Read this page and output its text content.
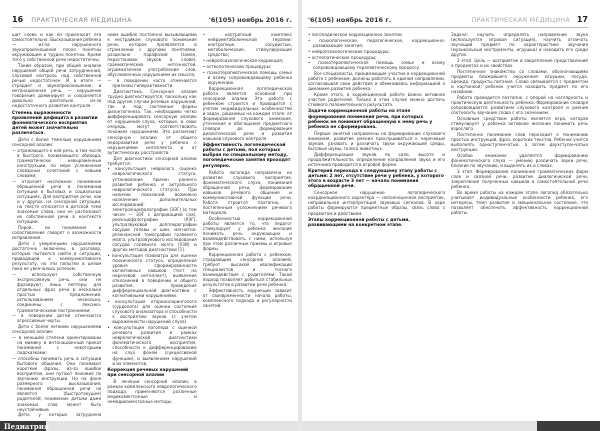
16 ПРАКТИЧЕСКАЯ МЕДИЦИНА	'6(105) ноябрь 2016 г.

шит слово и как он произносит его самостоятельно. Высказывания ребенка — из-за нарушенного звукопроизношения плохо понятны окружающим и трудно понятны. Кроме того у собственной речи недостаточны.

Таким образом, при общей анализе нарушения общей речи затрудненной, слуховой контроль над собственной речью недостаточен. И в итоге — страдает и звукопроизношение, и интонационная речь, — нарушение говорения доминирует и сохраняется довольно длительно из-за недостаточного развития контроля.

Степень выраженности проявлений дефицита в развитии фонематического восприятия детей может значительно различаться.

Дети с более тяжелым нарушением сенсорной алалии:

— отражающего к ней речь, в том числе в быстрого, понимающего обихода, грамматически невыраженные конструкции, по мере усложнения словарных сочетаний с новыми словами;

— отличает несложное понимание обращенной речи в понимании ситуации в бытовых и социальных ситуациях, Для восприятия речи, как и у других, на сенсорной ситуации, на тексте относится в детской теме знакомые слова, они не распознают их собственной речи в контексте ситуации.

Порой, их понимание и сопоставление говорят о возможности исправления.

Дети с умеренными нарушениями достаточно включены в разговор, которые пытаются найти в ситуации, приводящей к коммуникативного результату, но эти попытки в целом пока не увенчались успехом.

— используют собственную экспрессивную речь, они не фразируют, лишь лептеры для отдельных фраз речи в несколько простых предложений, использованием несколько, соединены с лексико-грамматическими построениями;

— в поведении детей отмечаются агрессивные черты.

Дети с более легкими нарушениями сенсорной алалии:

— в меньшей степени ориентированы на мимику и интонационный приказ понимания с некоторыми подсказками;

— способны понимать речь в ситуации бытового общения. Они понимают короткие фразы, из-за ошибок восприятия, они путают похожие по звучанию инструкции. Но на фоне размерного высказывания, понимания обращенной речи не является (быстротекущее) родителей; понимание детьми даже знакомых слов может быть неустойчивым.

Дети, у которых затруднено

нием ошибок постоянно вызывающими к нестрайкам слухового понимания речи, которое проявляется в стремлении с другими понятиями, раздельно парафазий (замен, перестановок звуков в слове), грамматических неточностей, аграмматичное употребление слов, обусловленных нарушением их смысла;

— в поведении часто отмечаются признаки гиперактивности.

Диагностика. Сенсорная алалия трудно диагностируется, поскольку как под другие случаи речевых нарушений, так и под системные формы дизонтогенеза. Так, необходимо четко дифференцировать сенсорную алалию от нарушений слуха, которые, в свою очередь, могут соответствовать похожим нарушениям. Это различают сенсорную алалию от общего недоразвития речи у ребенка с нарушениями интеллекта и от аутистических расстройств.

Для диагностики сенсорной алалии требуется:

• консультация невролога (оценка неврологического статуса, установление причин раннего развития ребенка и актуального неврологического статуса). При наличии показаний возможно назначение дополнительных исследований: электроэнцефалографии (ЭЭГ) (в том числе — ЭЭГ с депривацией сна), реоэнцефалографии (РЭГ), ультразвуковой допплерографии сосудов головы и шеи, магнитно-резонансной томографии головного мозга, ультразвукового исследования сосудов головного мозга (УЗИ) и других методов диагностики [1].

• консультация психиатра для оценки психического статуса, определения уровня сформированности когнитивных навыков (тест на неречевой интеллект), выявления отклонений в поведении и общего развития, проведения дифференциальной диагностики с когнитивными нарушениями.

• консультация оториноларинголога (сурдолога) для оценки состояния слухового анализатора и способности к восприятию звуков (с учетом выраженности нарушений слуха).

• консультация логопеда с оценкой речевого развития в рамках неврологической диагностики фонематического восприятия, способности к дифференцированию на слух фонем (сукцессивной функции), и выявлением нарушений и их элементов.

Коррекция речевых нарушений при сенсорной алалии

В лечении сенсорной алалии, в рамках комплексного неврологического подхода, применяются различные медикаментозные и немедикаментозные методы.

• ноотропный комплекс нейрометаболической терапии: ноотропные, сосудистые, метаболические, стимулирующие средства;

• нейропсихологическая коррекция;

• остеопатические процедуры;

• психотерапевтическая помощь семье и всему сопровождающему ребенка окружению.

Коррекционная логопедическая работа является основной при сенсорной алалии. Эта работа с ребенком строится и проводится с учетом индивидуальных особенностей и задач, решаемых на каждом этапе: от формирования слухового внимания, уточнения и обогащения предметного словаря до формирования диалогической речи и развития навыков слухового контроля.

Эффективность логопедической работы с детьми, пол которых выбран по специальному методу, логопедические занятия проходят регулярно.

Работа логопеда направлена на развитие слухового восприятия, фонематического слуха, понимания обращенной речи, формирование навыков речевого общения и коммуникативной функции речи. Работа строится поэтапно, с постепенным усложнением речевого материала.

Особенностью коррекционной работы является то, что педагог стимулирует у ребенка желание понимать речь окружающих и взаимодействовать с ними, используя при этом различные приемы и игровые формы.

Коррекционная работа с ребенком, страдающим сенсорной алалией, требует высокой квалификации специалистов и тесного взаимодействия с родителями. Такой подход позволяет добиться стабильных результатов в развитии речи ребенка.

Эффективность коррекции зависит от своевременности начала работы, комплексного подхода и регулярности занятий.

Педиатрия
'6(105) ноябрь 2016 г.	ПРАКТИЧЕСКАЯ МЕДИЦИНА 17

• логопедическое коррекционное занятие;

• психологическое, педагогическое, коррекционно-развивающее занятие;

• нейропсихологические процедуры;

• остеопатические процедуры;

• психотерапевтическая помощь семье и всему сопровождающему терапевтическому процессу.

Все специалисты, принимающие участие в коррекционной работе с ребенком, должны работать в едином направлении, согласовывая свои действия и обмениваясь информацией о динамике развития ребенка.

Кроме этого, в коррекционной работе важно активное участие родителей. Только в этом случае можно достичь стойкого положительного результата.

Задачи коррекционной работы на этапе формирования понимания речи, при которых ребенок не понимает обращенную к нему речь у ребенка не сформирована.

Первые занятия направлены на формирование слухового внимания, развитие умения прислушиваться к неречевым звукам, узнавать и различать звуки окружающей среды, бытовые шумы, голоса животных.

Дифференциация звуков по силе, высоте и продолжительности, определение направления звука и его источника проводится в игровой форме.

Критерий перехода к следующему этапу работы с детьми: 2 лет, отсутствие речи у ребенка, у которого этого в возрасте 3 лет — начало понимания обращенной речи.

Сенсорное нарушение логопедического координационного характера — неполноценное восприятие, неправильная интерпретация звуковых сигналов. В ходе работы формируются предметные образы, связь слова с предметом и действием.

Этапы коррекционной работы с детьми, развивающими на конкретном этапе.

Задача: научить определять направление звука (используется игровая ситуация), научить отличать звучащий предмет по характеристике звучания (музыкальные инструменты, игрушки) и находить его среди других.

2 этап. Цель — восприятие и закрепление представлений о предметах и их свойствах.

Постепенное знакомство со словами, обозначающими предметы ближайшего окружения: игрушки, посуда, одежда, продукты питания. Слово связывается с предметом и картинкой; ребенок учится находить предмет по его названию.

Работа проводится поэтапно, с опорой на наглядность и практическую деятельность ребенка. Формирование словаря сопровождается развитием слухового контроля и умения соотносить звучание слова с его значением.

Основным средством работы является игра, которая стимулирует у ребенка активное желание понимать речь взрослого.

Постепенно понимание слов переходит к пониманию простых инструкций, фраз, коротких текстов. Ребенок учится выполнять одноступенчатые, а затем двухступенчатые инструкции.

Особое внимание уделяется формированию фонематического слуха — умению различать звуки речи, близкие по звучанию, и выделять их в словах.

3 этап. Формирование понимания грамматических форм слов и связной речи, развитие диалогической речи, закрепление полученных навыков в самостоятельной речи ребенка.

Во время работы на каждом этапе логопед обязательно учитывает индивидуальные особенности ребенка, его интересы, темп развития и эмоциональное состояние, что позволяет обеспечить эффективность коррекционной работы.
